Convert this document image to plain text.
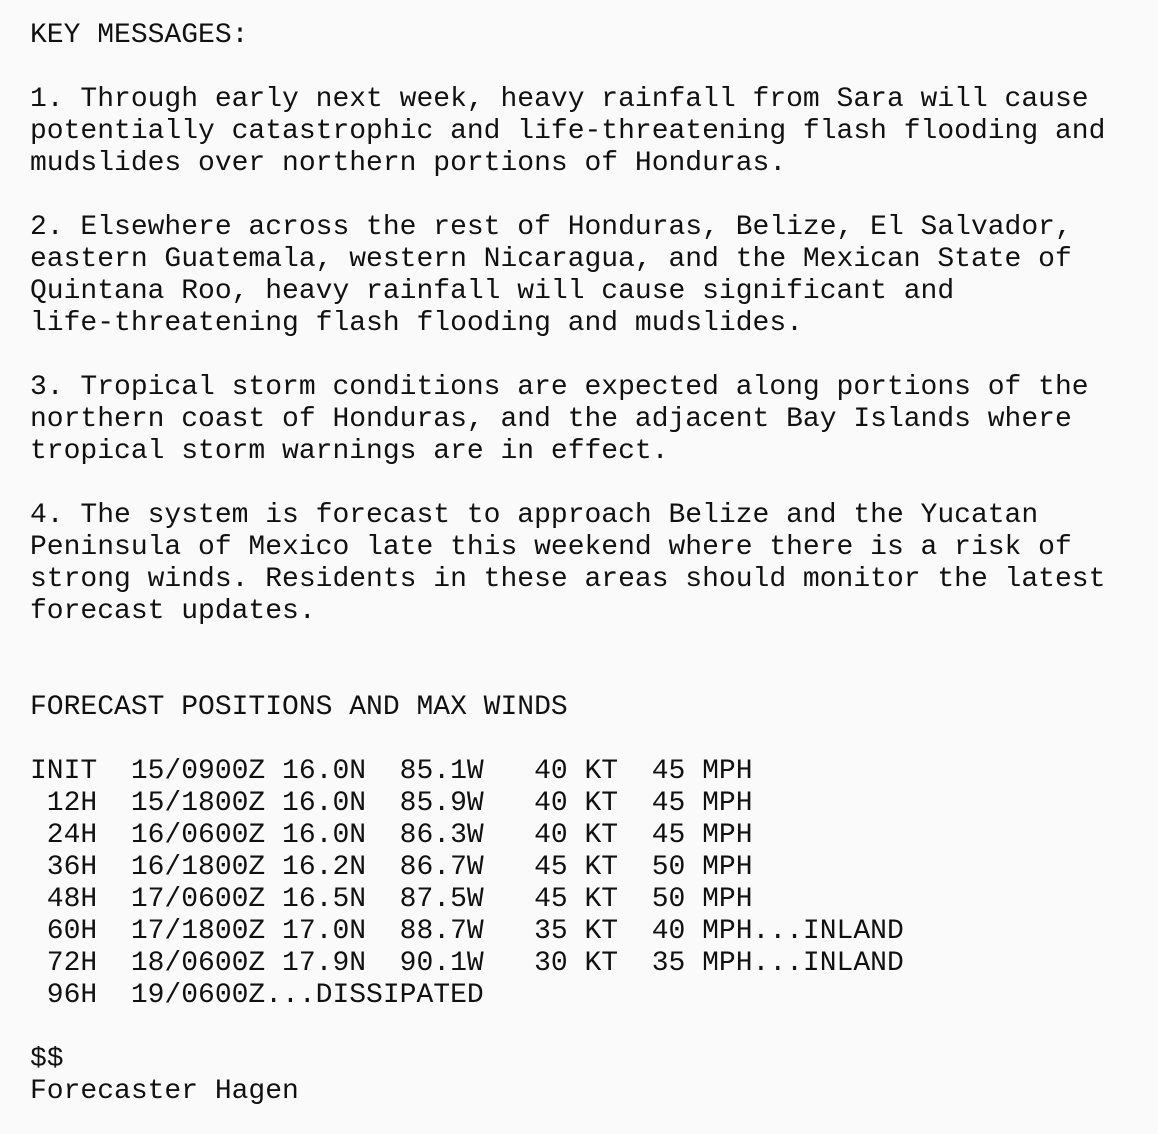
KEY MESSAGES:
1. Through early next week, heavy rainfall from Sara will cause
potentially catastrophic and life-threatening flash flooding and
mudslides over northern portions of Honduras.
2. Elsewhere across the rest of Honduras, Belize, El Salvador,
eastern Guatemala, western Nicaragua, and the Mexican State of
Quintana Roo, heavy rainfall will cause significant and
life-threatening flash flooding and mudslides.
3. Tropical storm conditions are expected along portions of the
northern coast of Honduras, and the adjacent Bay Islands where
tropical storm warnings are in effect.
4. The system is forecast to approach Belize and the Yucatan
Peninsula of Mexico late this weekend where there is a risk of
strong winds. Residents in these areas should monitor the latest
forecast updates.
FORECAST POSITIONS AND MAX WINDS
INIT  15/0900Z 16.0N  85.1W   40 KT  45 MPH
12H  15/1800Z 16.0N  85.9W   40 KT  45 MPH
24H  16/0600Z 16.0N  86.3W   40 KT  45 MPH
36H  16/1800Z 16.2N  86.7W   45 KT  50 MPH
48H  17/0600Z 16.5N  87.5W   45 KT  50 MPH
60H  17/1800Z 17.0N  88.7W   35 KT  40 MPH...INLAND
72H  18/0600Z 17.9N  90.1W   30 KT  35 MPH...INLAND
96H  19/0600Z...DISSIPATED
$$
Forecaster Hagen
